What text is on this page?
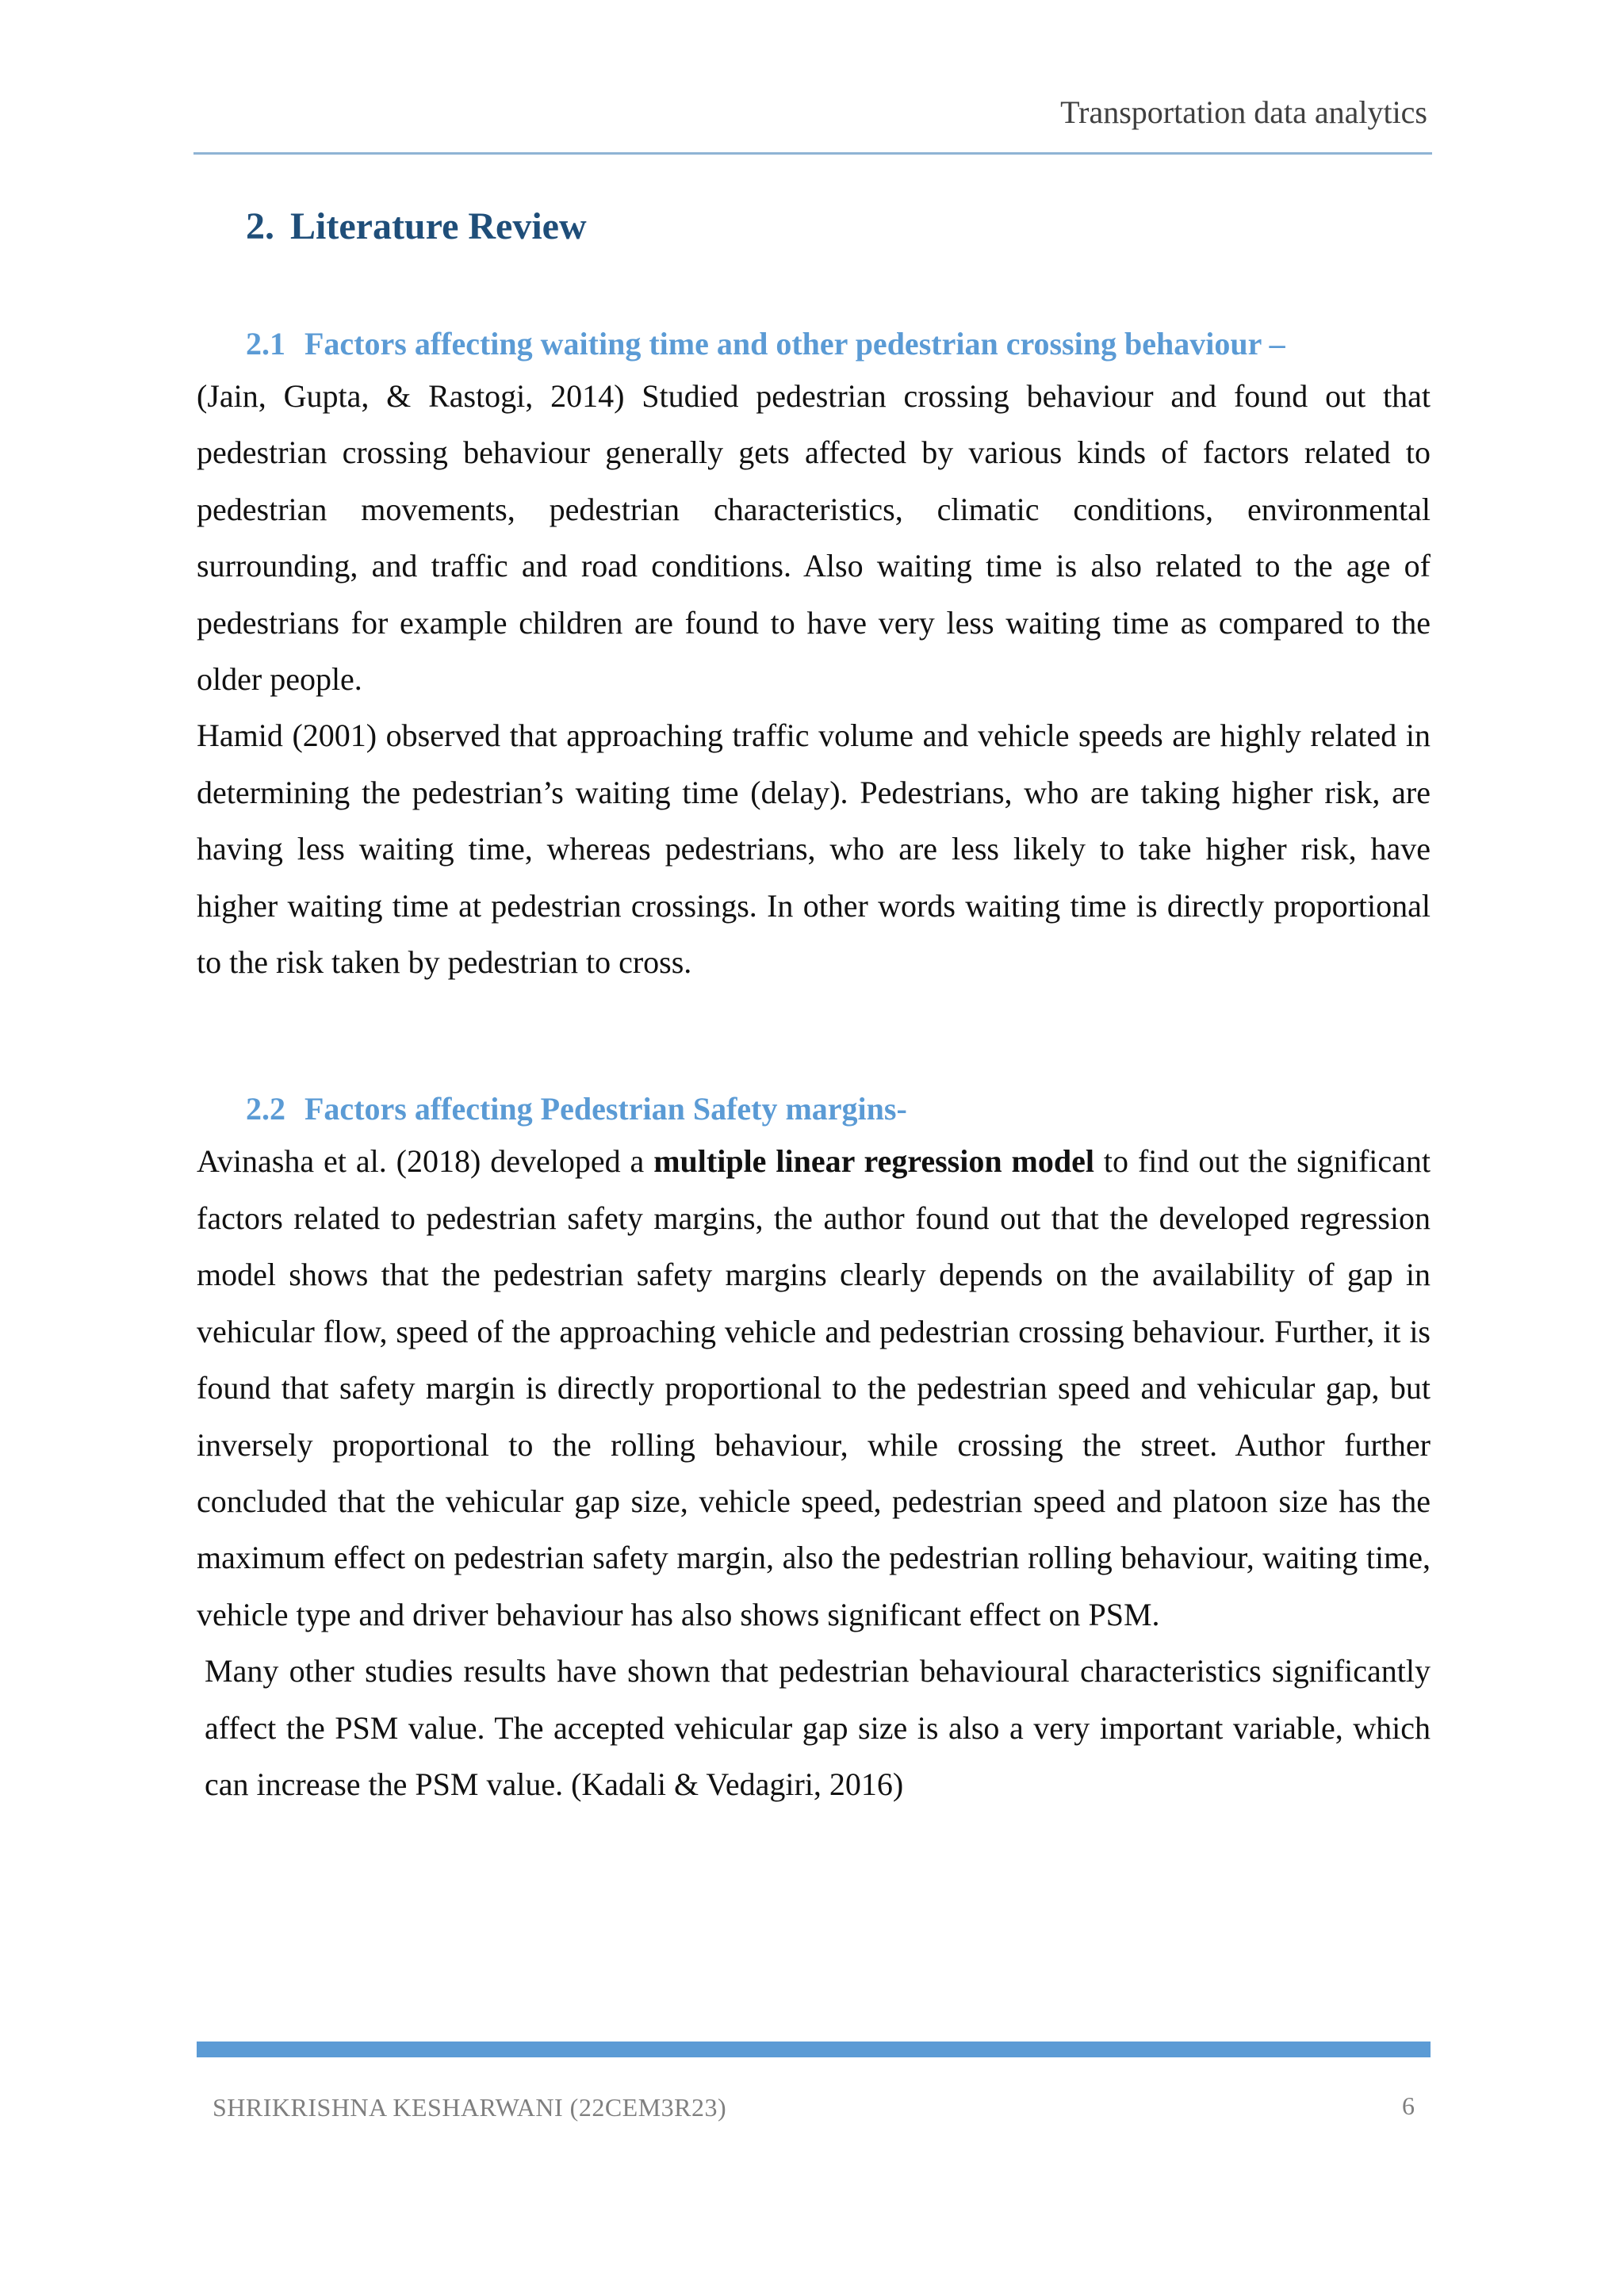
Transportation data analytics
2. Literature Review
2.1 Factors affecting waiting time and other pedestrian crossing behaviour –

(Jain, Gupta, & Rastogi, 2014) Studied pedestrian crossing behaviour and found out that pedestrian crossing behaviour generally gets affected by various kinds of factors related to pedestrian movements, pedestrian characteristics, climatic conditions, environmental surrounding, and traffic and road conditions. Also waiting time is also related to the age of pedestrians for example children are found to have very less waiting time as compared to the older people.

Hamid (2001) observed that approaching traffic volume and vehicle speeds are highly related in determining the pedestrian’s waiting time (delay). Pedestrians, who are taking higher risk, are having less waiting time, whereas pedestrians, who are less likely to take higher risk, have higher waiting time at pedestrian crossings. In other words waiting time is directly proportional to the risk taken by pedestrian to cross.

2.2 Factors affecting Pedestrian Safety margins-

Avinasha et al. (2018) developed a multiple linear regression model to find out the significant factors related to pedestrian safety margins, the author found out that the developed regression model shows that the pedestrian safety margins clearly depends on the availability of gap in vehicular flow, speed of the approaching vehicle and pedestrian crossing behaviour. Further, it is found that safety margin is directly proportional to the pedestrian speed and vehicular gap, but inversely proportional to the rolling behaviour, while crossing the street. Author further concluded that the vehicular gap size, vehicle speed, pedestrian speed and platoon size has the maximum effect on pedestrian safety margin, also the pedestrian rolling behaviour, waiting time, vehicle type and driver behaviour has also shows significant effect on PSM.

Many other studies results have shown that pedestrian behavioural characteristics significantly affect the PSM value. The accepted vehicular gap size is also a very important variable, which can increase the PSM value. (Kadali & Vedagiri, 2016)

SHRIKRISHNA KESHARWANI (22CEM3R23)	6
